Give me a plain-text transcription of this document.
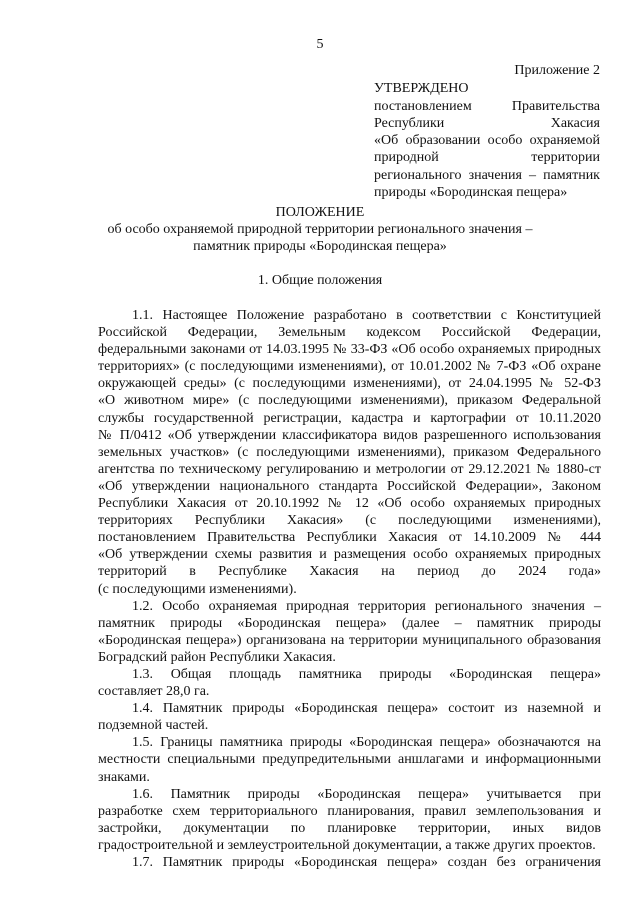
5
Приложение 2
УТВЕРЖДЕНО
постановлением Правительства
Республики Хакасия
«Об образовании особо охраняемой
природной территории
регионального значения – памятник
природы «Бородинская пещера»
ПОЛОЖЕНИЕ
об особо охраняемой природной территории регионального значения –
памятник природы «Бородинская пещера»
1. Общие положения
1.1. Настоящее Положение разработано в соответствии с Конституцией
Российской Федерации, Земельным кодексом Российской Федерации,
федеральными законами от 14.03.1995 № 33-ФЗ «Об особо охраняемых природных
территориях» (с последующими изменениями), от 10.01.2002 № 7-ФЗ «Об охране
окружающей среды» (с последующими изменениями), от 24.04.1995 № 52-ФЗ
«О животном мире» (с последующими изменениями), приказом Федеральной
службы государственной регистрации, кадастра и картографии от 10.11.2020
№ П/0412 «Об утверждении классификатора видов разрешенного использования
земельных участков» (с последующими изменениями), приказом Федерального
агентства по техническому регулированию и метрологии от 29.12.2021 № 1880-ст
«Об утверждении национального стандарта Российской Федерации», Законом
Республики Хакасия от 20.10.1992 № 12 «Об особо охраняемых природных
территориях Республики Хакасия» (с последующими изменениями),
постановлением Правительства Республики Хакасия от 14.10.2009 № 444
«Об утверждении схемы развития и размещения особо охраняемых природных
территорий в Республике Хакасия на период до 2024 года»
(с последующими изменениями).
1.2. Особо охраняемая природная территория регионального значения –
памятник природы «Бородинская пещера» (далее – памятник природы
«Бородинская пещера») организована на территории муниципального образования
Боградский район Республики Хакасия.
1.3. Общая площадь памятника природы «Бородинская пещера»
составляет 28,0 га.
1.4. Памятник природы «Бородинская пещера» состоит из наземной и
подземной частей.
1.5. Границы памятника природы «Бородинская пещера» обозначаются на
местности специальными предупредительными аншлагами и информационными
знаками.
1.6. Памятник природы «Бородинская пещера» учитывается при
разработке схем территориального планирования, правил землепользования и
застройки, документации по планировке территории, иных видов
градостроительной и землеустроительной документации, а также других проектов.
1.7. Памятник природы «Бородинская пещера» создан без ограничения
